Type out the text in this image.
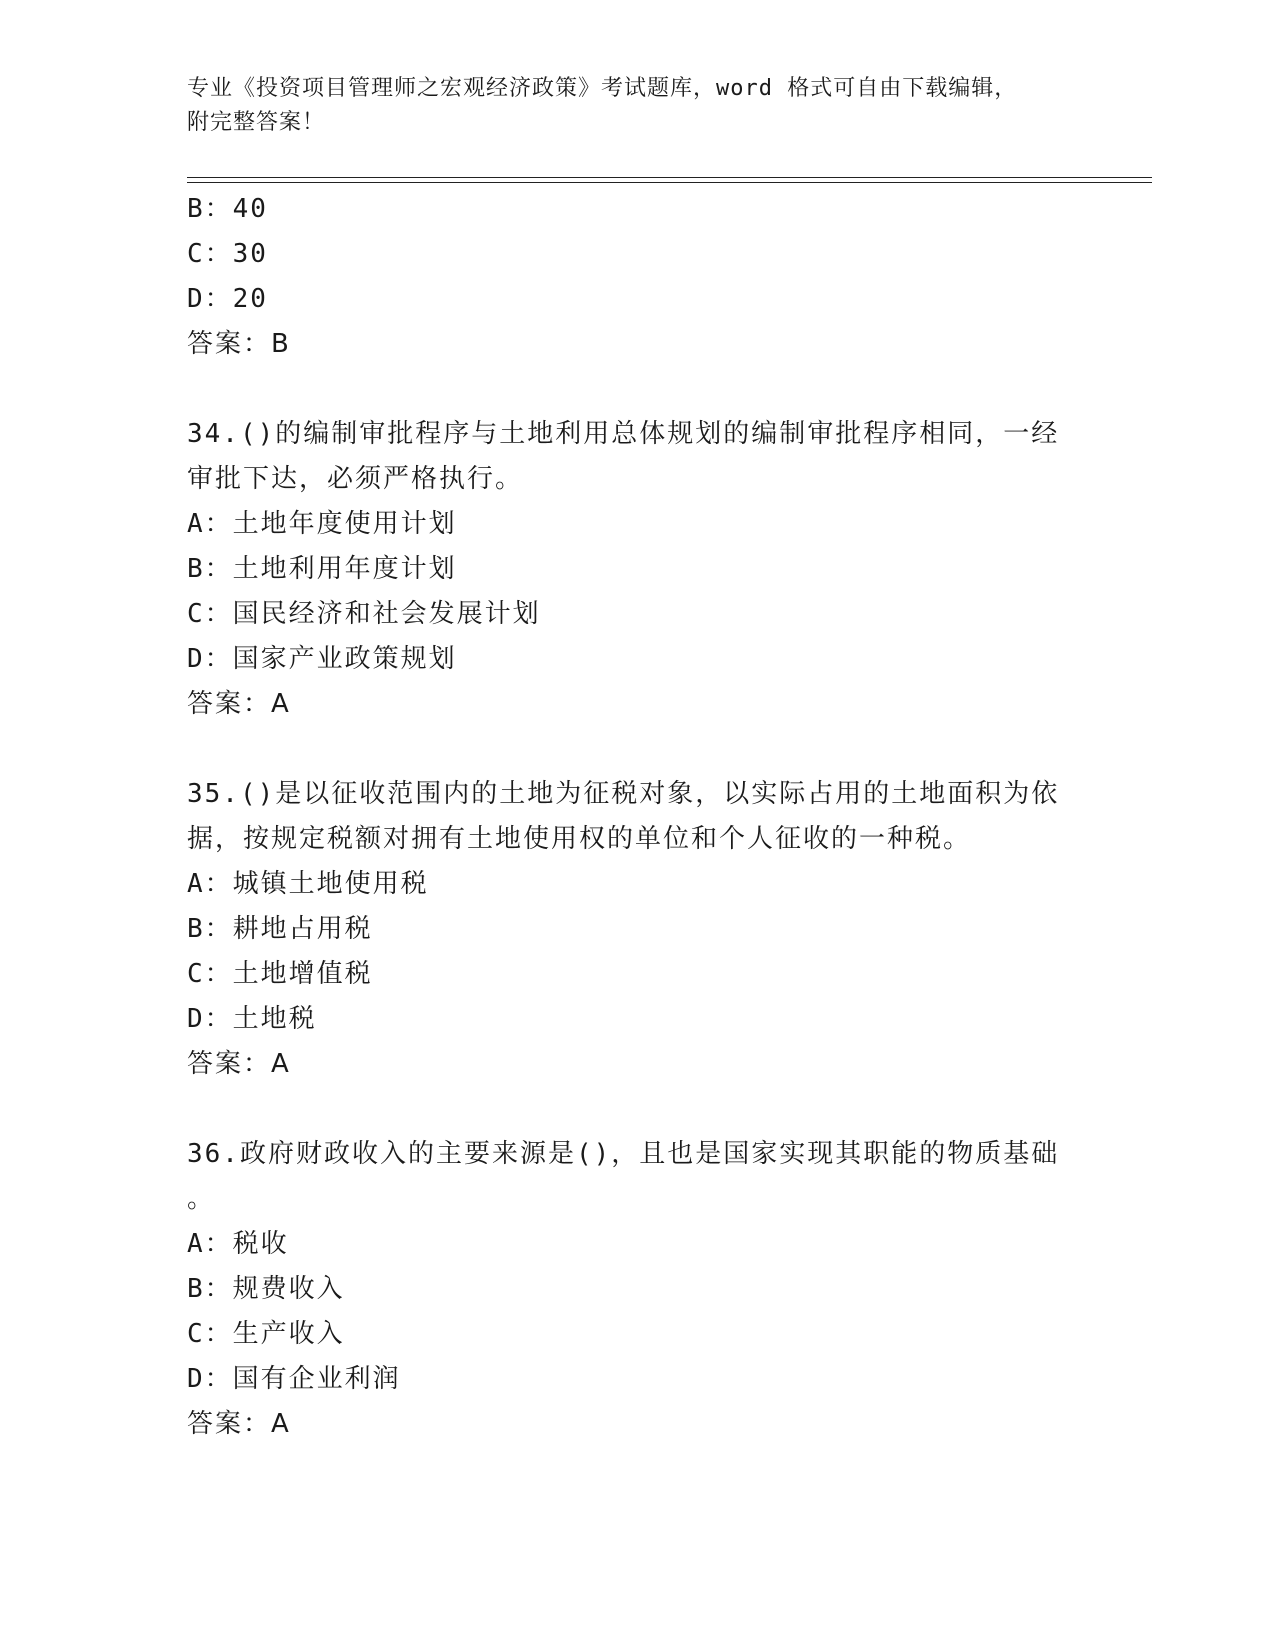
专业《投资项目管理师之宏观经济政策》考试题库，word 格式可自由下载编辑，
附完整答案！
B：40
C：30
D：20
答案：B
34.()的编制审批程序与土地利用总体规划的编制审批程序相同，一经
审批下达，必须严格执行。
A：土地年度使用计划
B：土地利用年度计划
C：国民经济和社会发展计划
D：国家产业政策规划
答案：A
35.()是以征收范围内的土地为征税对象，以实际占用的土地面积为依
据，按规定税额对拥有土地使用权的单位和个人征收的一种税。
A：城镇土地使用税
B：耕地占用税
C：土地增值税
D：土地税
答案：A
36.政府财政收入的主要来源是()，且也是国家实现其职能的物质基础
。
A：税收
B：规费收入
C：生产收入
D：国有企业利润
答案：A
